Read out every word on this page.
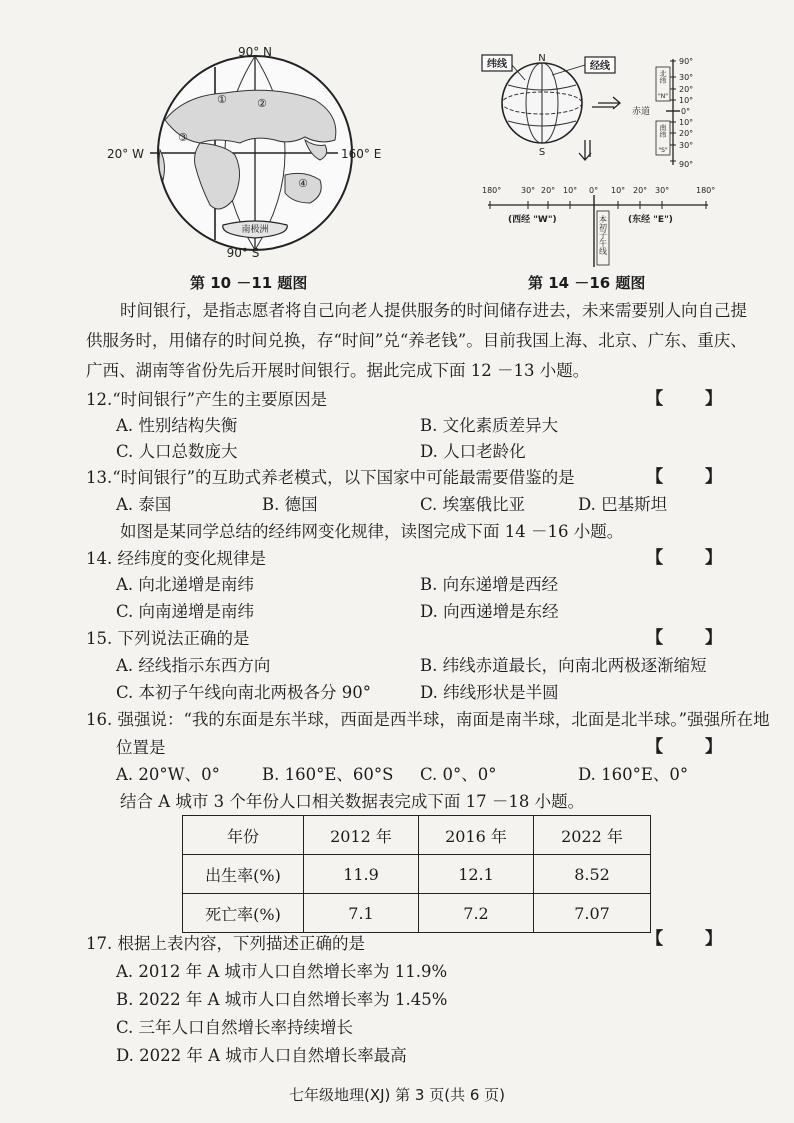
南极洲
①	②
③
④
90° N
90° S
20° W	160° E
第 10 －11 题图
N
S
纬线	经线	90°
30°
20°
10°
0°
10°
20°
30°
90°
北纬
"N"
赤道
南纬
"S"
180° 30° 20° 10° 0° 10° 20° 30°	180°
(西经 "W")	(东经 "E")
本初子午线
第 14 －16 题图
时间银行，是指志愿者将自己向老人提供服务的时间储存进去，未来需要别人向自己提供服务时，用储存的时间兑换，存“时间”兑“养老钱”。目前我国上海、北京、广东、重庆、广西、湖南等省份先后开展时间银行。据此完成下面 12 －13 小题。
12.“时间银行”产生的主要原因是	【 】
A. 性别结构失衡	B. 文化素质差异大
C. 人口总数庞大	D. 人口老龄化
13.“时间银行”的互助式养老模式，以下国家中可能最需要借鉴的是	【 】
A. 泰国	B. 德国	C. 埃塞俄比亚	D. 巴基斯坦
如图是某同学总结的经纬网变化规律，读图完成下面 14 －16 小题。
14. 经纬度的变化规律是	【 】
A. 向北递增是南纬	B. 向东递增是西经
C. 向南递增是南纬	D. 向西递增是东经
15. 下列说法正确的是	【 】
A. 经线指示东西方向	B. 纬线赤道最长，向南北两极逐渐缩短
C. 本初子午线向南北两极各分 90°	D. 纬线形状是半圆
16. 强强说：“我的东面是东半球，西面是西半球，南面是南半球，北面是北半球。”强强所在地
位置是	【 】
A. 20°W、0°	B. 160°E、60°S C. 0°、0°	D. 160°E、0°
结合 A 城市 3 个年份人口相关数据表完成下面 17 －18 小题。
年份	2012 年	2016 年	2022 年
出生率(%)	11.9	12.1	8.52
死亡率(%)	7.1	7.2	7.07
17. 根据上表内容，下列描述正确的是	【 】
A. 2012 年 A 城市人口自然增长率为 11.9%
B. 2022 年 A 城市人口自然增长率为 1.45%
C. 三年人口自然增长率持续增长
D. 2022 年 A 城市人口自然增长率最高
七年级地理(XJ) 第 3 页(共 6 页)
